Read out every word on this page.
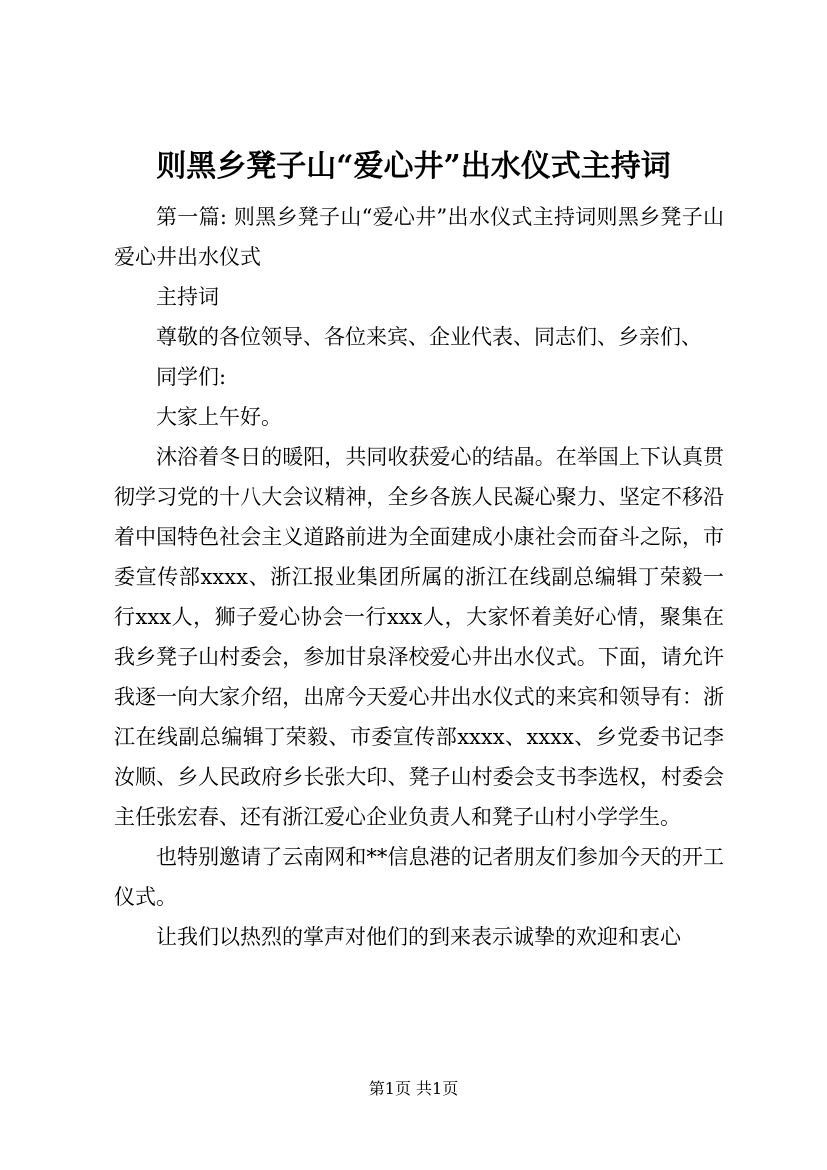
则黑乡凳子山“爱心井”出水仪式主持词

第一篇: 则黑乡凳子山“爱心井”出水仪式主持词则黑乡凳子山爱心井出水仪式

主持词

尊敬的各位领导、各位来宾、企业代表、同志们、乡亲们、

同学们:

大家上午好。

沐浴着冬日的暖阳，共同收获爱心的结晶。在举国上下认真贯彻学习党的十八大会议精神，全乡各族人民凝心聚力、坚定不移沿着中国特色社会主义道路前进为全面建成小康社会而奋斗之际，市委宣传部xxxx、浙江报业集团所属的浙江在线副总编辑丁荣毅一行xxx人，狮子爱心协会一行xxx人，大家怀着美好心情，聚集在我乡凳子山村委会，参加甘泉泽校爱心井出水仪式。下面，请允许我逐一向大家介绍，出席今天爱心井出水仪式的来宾和领导有：浙江在线副总编辑丁荣毅、市委宣传部xxxx、xxxx、乡党委书记李汝顺、乡人民政府乡长张大印、凳子山村委会支书李选权，村委会主任张宏春、还有浙江爱心企业负责人和凳子山村小学学生。

也特别邀请了云南网和**信息港的记者朋友们参加今天的开工仪式。

让我们以热烈的掌声对他们的到来表示诚挚的欢迎和衷心

第1页 共1页
